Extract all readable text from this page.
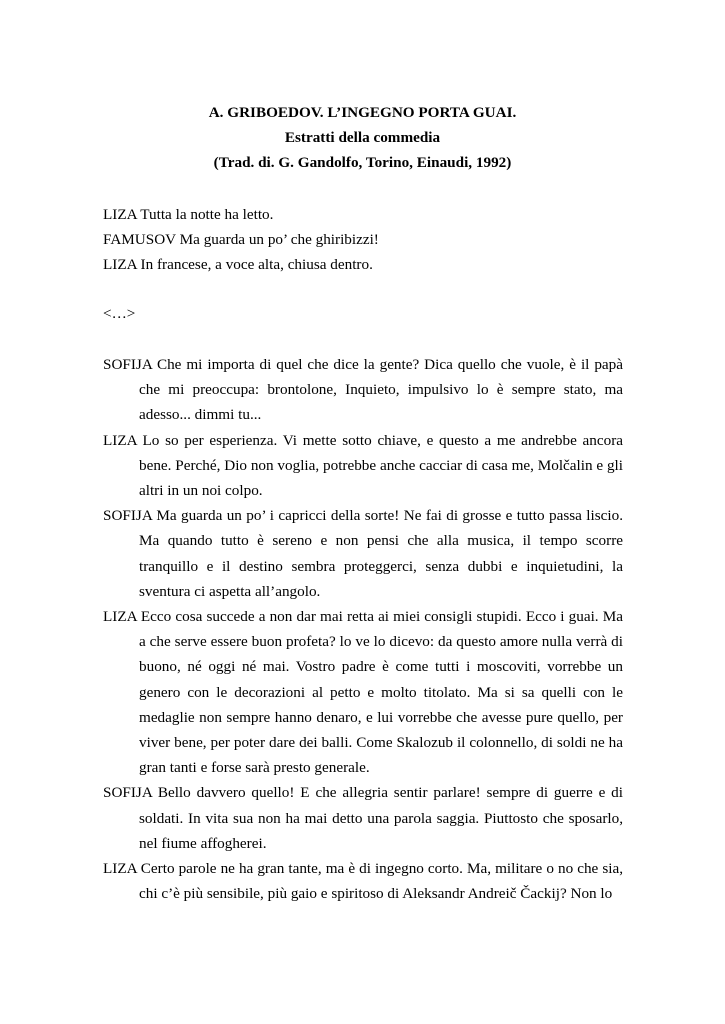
A. GRIBOEDOV. L’INGEGNO PORTA GUAI.
Estratti della commedia
(Trad. di. G. Gandolfo, Torino, Einaudi, 1992)
LIZA Tutta la notte ha letto.
FAMUSOV Ma guarda un po’ che ghiribizzi!
LIZA In francese, a voce alta, chiusa dentro.
<…>

SOFIJA Che mi importa di quel che dice la gente? Dica quello che vuole, è il papà che mi preoccupa: brontolone, Inquieto, impulsivo lo è sempre stato, ma adesso... dimmi tu...

LIZA Lo so per esperienza. Vi mette sotto chiave, e questo a me andrebbe ancora bene. Perché, Dio non voglia, potrebbe anche cacciar di casa me, Molčalin e gli altri in un noi colpo.

SOFIJA Ma guarda un po’ i capricci della sorte! Ne fai di grosse e tutto passa liscio. Ma quando tutto è sereno e non pensi che alla musica, il tempo scorre tranquillo e il destino sembra proteggerci, senza dubbi e inquietudini, la sventura ci aspetta all’angolo.

LIZA Ecco cosa succede a non dar mai retta ai miei consigli stupidi. Ecco i guai. Ma a che serve essere buon profeta? lo ve lo dicevo: da questo amore nulla verrà di buono, né oggi né mai. Vostro padre è come tutti i moscoviti, vorrebbe un genero con le decorazioni al petto e molto titolato. Ma si sa quelli con le medaglie non sempre hanno denaro, e lui vorrebbe che avesse pure quello, per viver bene, per poter dare dei balli. Come Skalozub il colonnello, di soldi ne ha gran tanti e forse sarà presto generale.

SOFIJA Bello davvero quello! E che allegria sentir parlare! sempre di guerre e di soldati. In vita sua non ha mai detto una parola saggia. Piuttosto che sposarlo, nel fiume affogherei.

LIZA Certo parole ne ha gran tante, ma è di ingegno corto. Ma, militare o no che sia, chi c’è più sensibile, più gaio e spiritoso di Aleksandr Andreič Čackij? Non lo
